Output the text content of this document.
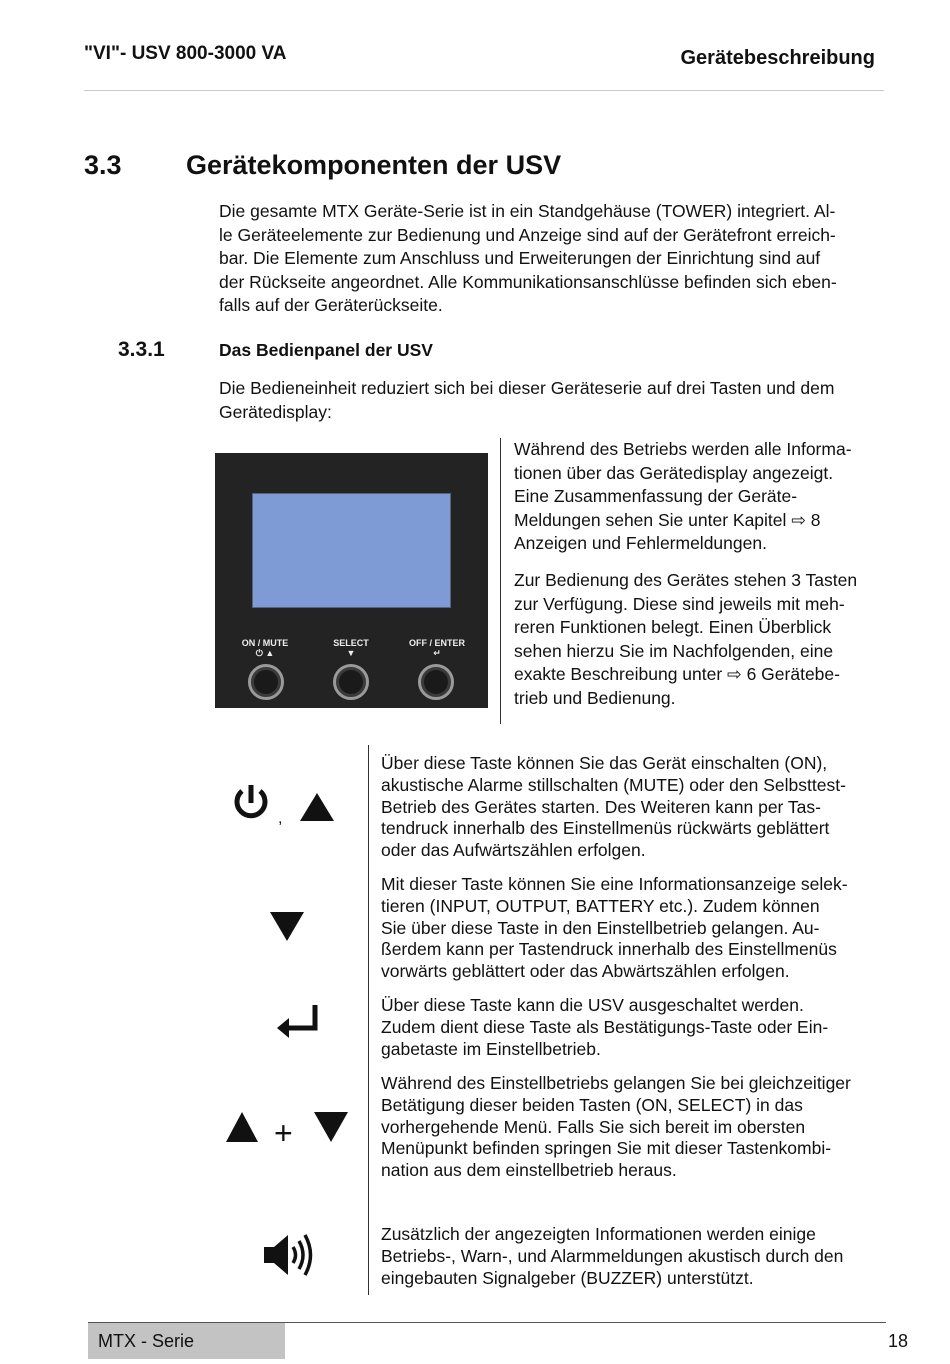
"VI"- USV 800-3000 VA	Gerätebeschreibung
3.3 Gerätekomponenten der USV
Die gesamte MTX Geräte-Serie ist in ein Standgehäuse (TOWER) integriert. Al-
le Geräteelemente zur Bedienung und Anzeige sind auf der Gerätefront erreich-
bar. Die Elemente zum Anschluss und Erweiterungen der Einrichtung sind auf
der Rückseite angeordnet. Alle Kommunikationsanschlüsse befinden sich eben-
falls auf der Geräterückseite.
3.3.1	Das Bedienpanel der USV
Die Bedieneinheit reduziert sich bei dieser Geräteserie auf drei Tasten und dem
Gerätedisplay:
ON / MUTE
⏻ ▲
SELECT
▼
OFF / ENTER
↵
Während des Betriebs werden alle Informa-
tionen über das Gerätedisplay angezeigt.
Eine Zusammenfassung der Geräte-
Meldungen sehen Sie unter Kapitel ⇨ 8
Anzeigen und Fehlermeldungen.
Zur Bedienung des Gerätes stehen 3 Tasten
zur Verfügung. Diese sind jeweils mit meh-
reren Funktionen belegt. Einen Überblick
sehen hierzu Sie im Nachfolgenden, eine
exakte Beschreibung unter ⇨ 6 Gerätebe-
trieb und Bedienung.
,
+
Über diese Taste können Sie das Gerät einschalten (ON),
akustische Alarme stillschalten (MUTE) oder den Selbsttest-
Betrieb des Gerätes starten. Des Weiteren kann per Tas-
tendruck innerhalb des Einstellmenüs rückwärts geblättert
oder das Aufwärtszählen erfolgen.
Mit dieser Taste können Sie eine Informationsanzeige selek-
tieren (INPUT, OUTPUT, BATTERY etc.). Zudem können
Sie über diese Taste in den Einstellbetrieb gelangen. Au-
ßerdem kann per Tastendruck innerhalb des Einstellmenüs
vorwärts geblättert oder das Abwärtszählen erfolgen.
Über diese Taste kann die USV ausgeschaltet werden.
Zudem dient diese Taste als Bestätigungs-Taste oder Ein-
gabetaste im Einstellbetrieb.
Während des Einstellbetriebs gelangen Sie bei gleichzeitiger
Betätigung dieser beiden Tasten (ON, SELECT) in das
vorhergehende Menü. Falls Sie sich bereit im obersten
Menüpunkt befinden springen Sie mit dieser Tastenkombi-
nation aus dem einstellbetrieb heraus.
Zusätzlich der angezeigten Informationen werden einige
Betriebs-, Warn-, und Alarmmeldungen akustisch durch den
eingebauten Signalgeber (BUZZER) unterstützt.
MTX - Serie	18
